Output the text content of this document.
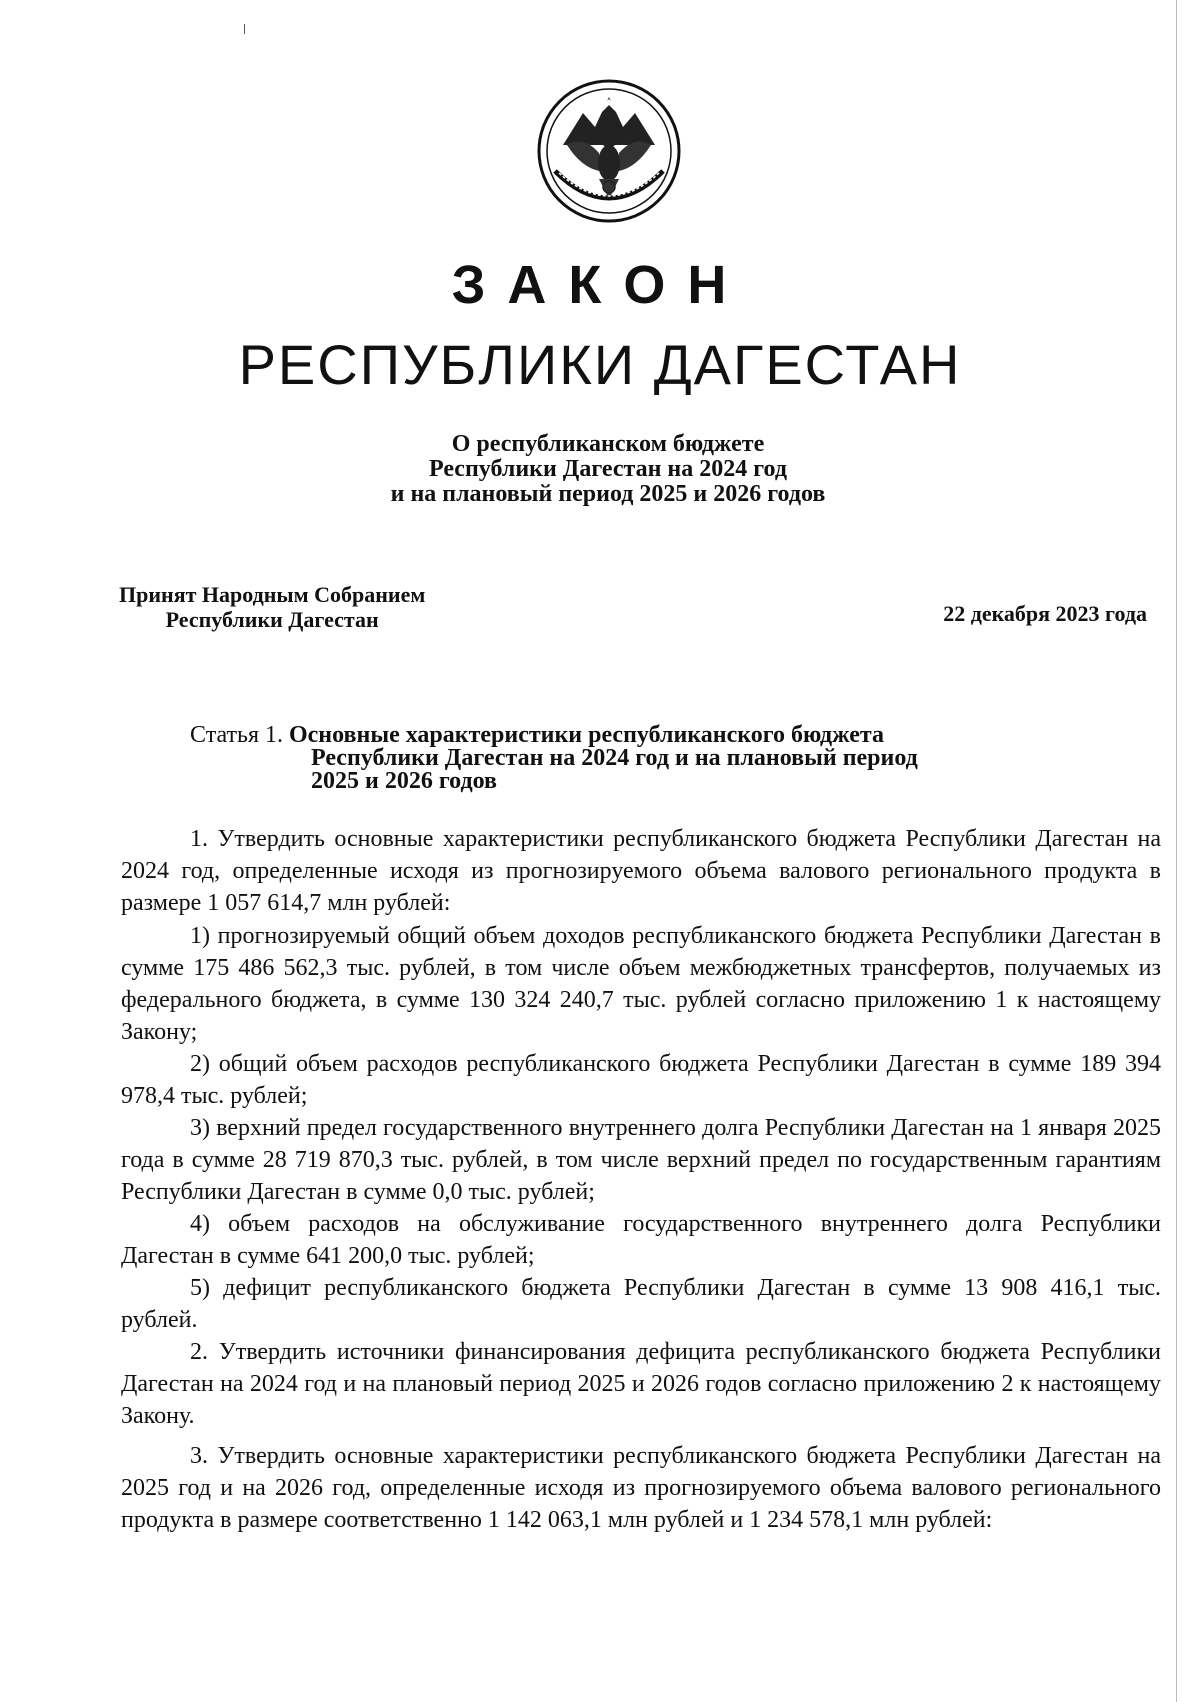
ЗАКОН
РЕСПУБЛИКИ ДАГЕСТАН
О республиканском бюджете
Республики Дагестан на 2024 год
и на плановый период 2025 и 2026 годов
Принят Народным Собранием
Республики Дагестан	22 декабря 2023 года
Статья 1. Основные характеристики республиканского бюджета
Республики Дагестан на 2024 год и на плановый период
2025 и 2026 годов

1. Утвердить основные характеристики республиканского бюджета Республики Дагестан на 2024 год, определенные исходя из прогнозируемого объема валового регионального продукта в размере 1 057 614,7 млн рублей:

1) прогнозируемый общий объем доходов республиканского бюджета Республики Дагестан в сумме 175 486 562,3 тыс. рублей, в том числе объем межбюджетных трансфертов, получаемых из федерального бюджета, в сумме 130 324 240,7 тыс. рублей согласно приложению 1 к настоящему Закону;

2) общий объем расходов республиканского бюджета Республики Дагестан в сумме 189 394 978,4 тыс. рублей;

3) верхний предел государственного внутреннего долга Республики Дагестан на 1 января 2025 года в сумме 28 719 870,3 тыс. рублей, в том числе верхний предел по государственным гарантиям Республики Дагестан в сумме 0,0 тыс. рублей;

4) объем расходов на обслуживание государственного внутреннего долга Республики Дагестан в сумме 641 200,0 тыс. рублей;

5) дефицит республиканского бюджета Республики Дагестан в сумме 13 908 416,1 тыс. рублей.

2. Утвердить источники финансирования дефицита республиканского бюджета Республики Дагестан на 2024 год и на плановый период 2025 и 2026 годов согласно приложению 2 к настоящему Закону.

3. Утвердить основные характеристики республиканского бюджета Республики Дагестан на 2025 год и на 2026 год, определенные исходя из прогнозируемого объема валового регионального продукта в размере соответственно 1 142 063,1 млн рублей и 1 234 578,1 млн рублей:
